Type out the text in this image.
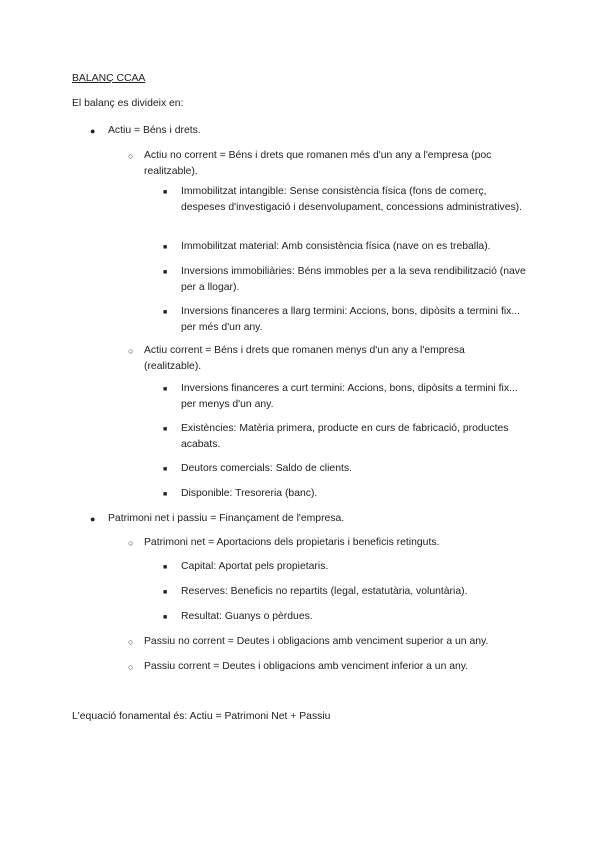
BALANÇ CCAA
El balanç es divideix en:
● Actiu = Béns i drets.
○ Actiu no corrent = Béns i drets que romanen més d'un any a l'empresa (poc realitzable).
■ Immobilitzat intangible: Sense consistència física (fons de comerç, despeses d'investigació i desenvolupament, concessions administratives).
■ Immobilitzat material: Amb consistència física (nave on es treballa).
■ Inversions immobiliàries: Béns immobles per a la seva rendibilització (nave per a llogar).
■ Inversions financeres a llarg termini: Accions, bons, dipòsits a termini fix... per més d'un any.
○ Actiu corrent = Béns i drets que romanen menys d'un any a l'empresa (realitzable).
■ Inversions financeres a curt termini: Accions, bons, dipòsits a termini fix... per menys d'un any.
■ Existències: Matèria primera, producte en curs de fabricació, productes acabats.
■ Deutors comercials: Saldo de clients.
■ Disponible: Tresoreria (banc).
● Patrimoni net i passiu = Finançament de l'empresa.
○ Patrimoni net = Aportacions dels propietaris i beneficis retinguts.
■ Capital: Aportat pels propietaris.
■ Reserves: Beneficis no repartits (legal, estatutària, voluntària).
■ Resultat: Guanys o pèrdues.
○ Passiu no corrent = Deutes i obligacions amb venciment superior a un any.
○ Passiu corrent = Deutes i obligacions amb venciment inferior a un any.
L'equació fonamental és: Actiu = Patrimoni Net + Passiu
